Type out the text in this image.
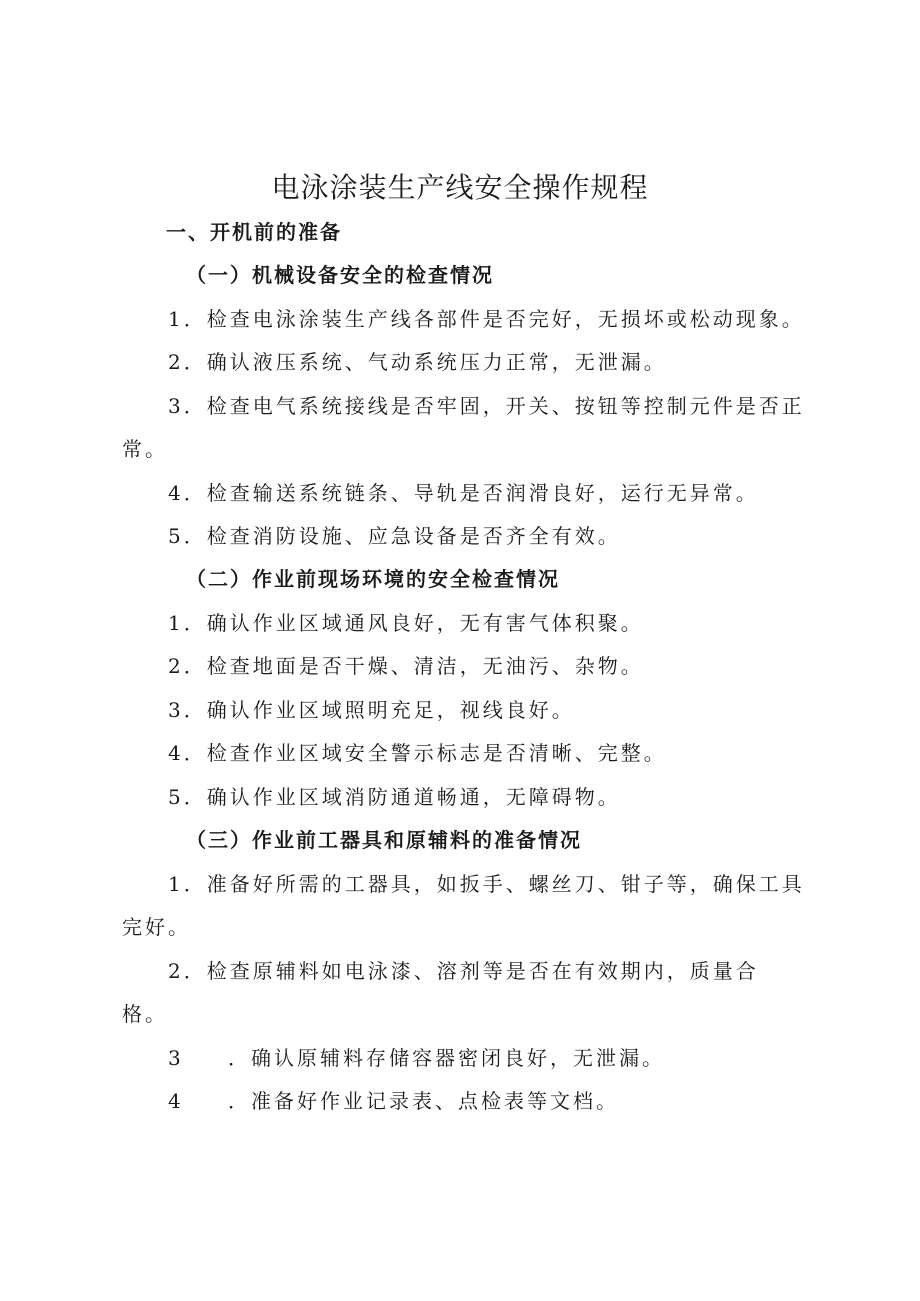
电泳涂装生产线安全操作规程
一、开机前的准备
（一）机械设备安全的检查情况
1．检查电泳涂装生产线各部件是否完好，无损坏或松动现象。
2．确认液压系统、气动系统压力正常，无泄漏。
3．检查电气系统接线是否牢固，开关、按钮等控制元件是否正
常。
4．检查输送系统链条、导轨是否润滑良好，运行无异常。
5．检查消防设施、应急设备是否齐全有效。
（二）作业前现场环境的安全检查情况
1．确认作业区域通风良好，无有害气体积聚。
2．检查地面是否干燥、清洁，无油污、杂物。
3．确认作业区域照明充足，视线良好。
4．检查作业区域安全警示标志是否清晰、完整。
5．确认作业区域消防通道畅通，无障碍物。
（三）作业前工器具和原辅料的准备情况
1．准备好所需的工器具，如扳手、螺丝刀、钳子等，确保工具
完好。
2．检查原辅料如电泳漆、溶剂等是否在有效期内，质量合
格。
3 ．确认原辅料存储容器密闭良好，无泄漏。
4 ．准备好作业记录表、点检表等文档。
